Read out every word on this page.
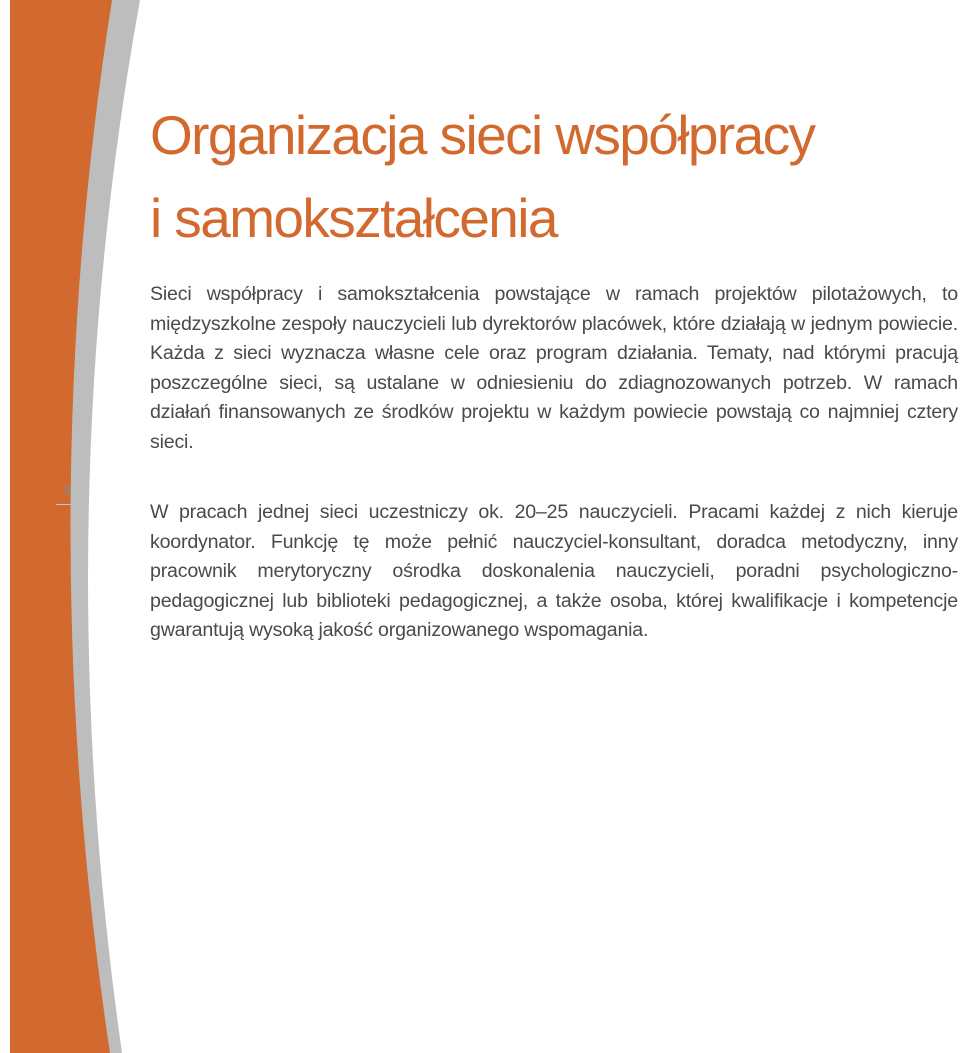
Organizacja sieci współpracy
i samokształcenia

Sieci współpracy i samokształcenia powstające w ramach projektów pilotażowych, to międzyszkolne zespoły nauczycieli lub dyrektorów placówek, które działają w jednym powiecie. Każda z sieci wyznacza własne cele oraz program działania. Tematy, nad którymi pracują poszczególne sieci, są ustalane w odniesieniu do zdiagnozowanych potrzeb. W ramach działań finansowanych ze środków projektu w każdym powiecie powstają co najmniej cztery sieci.

8

W pracach jednej sieci uczestniczy ok. 20–25 nauczycieli. Pracami każdej z nich kieruje koordynator. Funkcję tę może pełnić nauczyciel-konsultant, doradca metodyczny, inny pracownik merytoryczny ośrodka doskonalenia nauczycieli, poradni psychologiczno-pedagogicznej lub biblioteki pedagogicznej, a także osoba, której kwalifikacje i kompetencje gwarantują wysoką jakość organizowanego wspomagania.
